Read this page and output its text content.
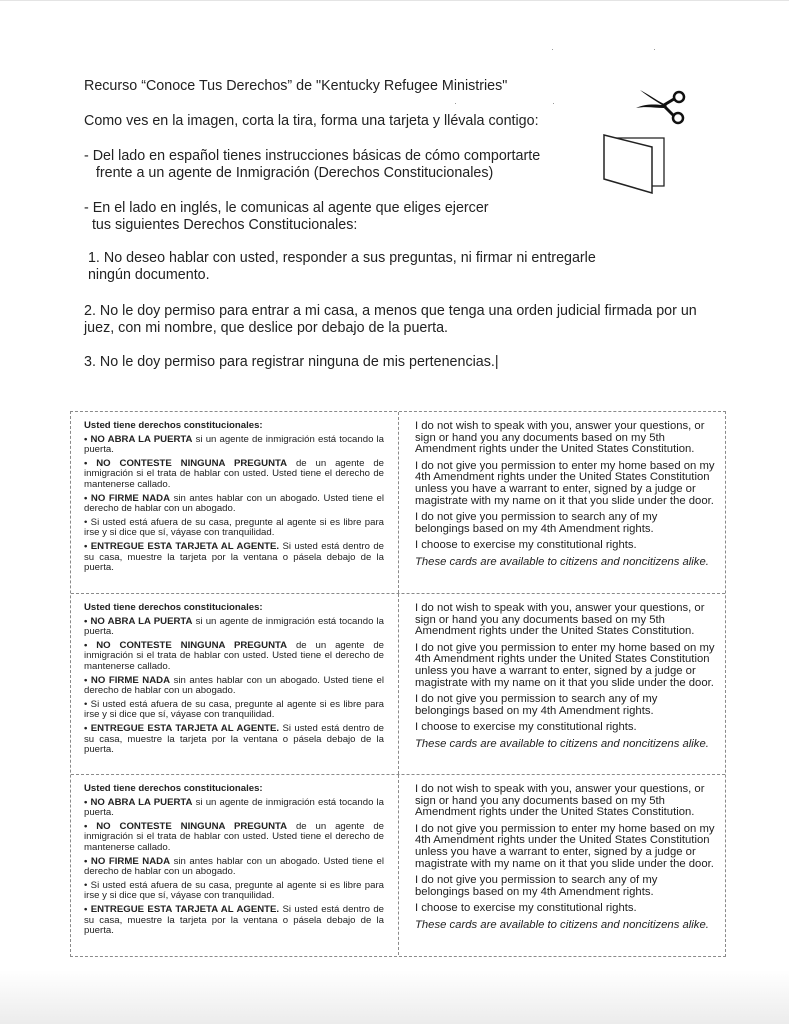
Recurso “Conoce Tus Derechos” de "Kentucky Refugee Ministries"
Como ves en la imagen, corta la tira, forma una tarjeta y llévala contigo:
- Del lado en español tienes instrucciones básicas de cómo comportarte
frente a un agente de Inmigración (Derechos Constitucionales)
- En el lado en inglés, le comunicas al agente que eliges ejercer
tus siguientes Derechos Constitucionales:
1. No deseo hablar con usted, responder a sus preguntas, ni firmar ni entregarle
ningún documento.
2. No le doy permiso para entrar a mi casa, a menos que tenga una orden judicial firmada por un
juez, con mi nombre, que deslice por debajo de la puerta.
3. No le doy permiso para registrar ninguna de mis pertenencias.|
Usted tiene derechos constitucionales:
• NO ABRA LA PUERTA si un agente de inmigración está tocando la puerta.
• NO CONTESTE NINGUNA PREGUNTA de un agente de inmigración si el trata de hablar con usted. Usted tiene el derecho de mantenerse callado.
• NO FIRME NADA sin antes hablar con un abogado. Usted tiene el derecho de hablar con un abogado.
• Si usted está afuera de su casa, pregunte al agente si es libre para irse y si dice que sí, váyase con tranquilidad.
• ENTREGUE ESTA TARJETA AL AGENTE. Si usted está dentro de su casa, muestre la tarjeta por la ventana o pásela debajo de la puerta.
I do not wish to speak with you, answer your questions, or sign or hand you any documents based on my 5th Amendment rights under the United States Constitution.
I do not give you permission to enter my home based on my 4th Amendment rights under the United States Constitution unless you have a warrant to enter, signed by a judge or magistrate with my name on it that you slide under the door.
I do not give you permission to search any of my belongings based on my 4th Amendment rights.
I choose to exercise my constitutional rights.
These cards are available to citizens and noncitizens alike.
Usted tiene derechos constitucionales:
• NO ABRA LA PUERTA si un agente de inmigración está tocando la puerta.
• NO CONTESTE NINGUNA PREGUNTA de un agente de inmigración si el trata de hablar con usted. Usted tiene el derecho de mantenerse callado.
• NO FIRME NADA sin antes hablar con un abogado. Usted tiene el derecho de hablar con un abogado.
• Si usted está afuera de su casa, pregunte al agente si es libre para irse y si dice que sí, váyase con tranquilidad.
• ENTREGUE ESTA TARJETA AL AGENTE. Si usted está dentro de su casa, muestre la tarjeta por la ventana o pásela debajo de la puerta.
I do not wish to speak with you, answer your questions, or sign or hand you any documents based on my 5th Amendment rights under the United States Constitution.
I do not give you permission to enter my home based on my 4th Amendment rights under the United States Constitution unless you have a warrant to enter, signed by a judge or magistrate with my name on it that you slide under the door.
I do not give you permission to search any of my belongings based on my 4th Amendment rights.
I choose to exercise my constitutional rights.
These cards are available to citizens and noncitizens alike.
Usted tiene derechos constitucionales:
• NO ABRA LA PUERTA si un agente de inmigración está tocando la puerta.
• NO CONTESTE NINGUNA PREGUNTA de un agente de inmigración si el trata de hablar con usted. Usted tiene el derecho de mantenerse callado.
• NO FIRME NADA sin antes hablar con un abogado. Usted tiene el derecho de hablar con un abogado.
• Si usted está afuera de su casa, pregunte al agente si es libre para irse y si dice que sí, váyase con tranquilidad.
• ENTREGUE ESTA TARJETA AL AGENTE. Si usted está dentro de su casa, muestre la tarjeta por la ventana o pásela debajo de la puerta.
I do not wish to speak with you, answer your questions, or sign or hand you any documents based on my 5th Amendment rights under the United States Constitution.
I do not give you permission to enter my home based on my 4th Amendment rights under the United States Constitution unless you have a warrant to enter, signed by a judge or magistrate with my name on it that you slide under the door.
I do not give you permission to search any of my belongings based on my 4th Amendment rights.
I choose to exercise my constitutional rights.
These cards are available to citizens and noncitizens alike.
